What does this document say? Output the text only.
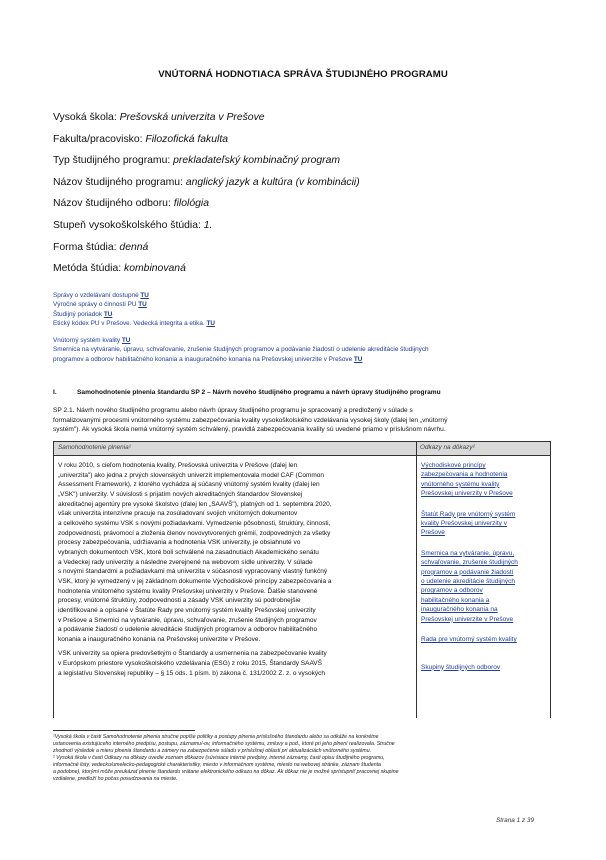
VNÚTORNÁ HODNOTIACA SPRÁVA ŠTUDIJNÉHO PROGRAMU
Vysoká škola: Prešovská univerzita v Prešove
Fakulta/pracovisko: Filozofická fakulta
Typ študijného programu: prekladateľský kombinačný program
Názov študijného programu: anglický jazyk a kultúra (v kombinácii)
Názov študijného odboru: filológia
Stupeň vysokoškolského štúdia: 1.
Forma štúdia: denná
Metóda štúdia: kombinovaná
Správy o vzdelávaní dostupné TU
Výročné správy o činnosti PU TU
Študijný poriadok TU
Etický kódex PU v Prešove. Vedecká integrita a etika. TU
Vnútorný systém kvality TU
Smernica na vytváranie, úpravu, schvaľovanie, zrušenie študijných programov a podávanie žiadostí o udelenie akreditácie študijných
programov a odborov habilitačného konania a inauguračného konania na Prešovskej univerzite v Prešove TU
I.	Samohodnotenie plnenia štandardu SP 2 – Návrh nového študijného programu a návrh úpravy študijného programu
SP 2.1. Návrh nového študijného programu alebo návrh úpravy študijného programu je spracovaný a predložený v súlade s
formalizovanými procesmi vnútorného systému zabezpečovania kvality vysokoškolského vzdelávania vysokej školy (ďalej len „vnútorný
systém"). Ak vysoká škola nemá vnútorný systém schválený, pravidlá zabezpečovania kvality sú uvedené priamo v príslušnom návrhu.
Samohodnotenie plnenia¹	Odkazy na dôkazy²
V roku 2010, s cieľom hodnotenia kvality, Prešovská univerzita v Prešove (ďalej len
„univerzita") ako jedna z prvých slovenských univerzít implementovala model CAF (Common
Assessment Framework), z ktorého vychádza aj súčasný vnútorný systém kvality (ďalej len
„VSK") univerzity. V súvislosti s prijatím nových akreditačných štandardov Slovenskej
akreditačnej agentúry pre vysoké školstvo (ďalej len „SAAVŠ"), platných od 1. septembra 2020,
však univerzita intenzívne pracuje na zosúladovaní svojich vnútorných dokumentov
a celkového systému VSK s novými požiadavkami. Vymedzenie pôsobnosti, štruktúry, činnosti,
zodpovednosti, právomocí a zloženia členov novovytvorených grémií, zodpovedných za všetky
procesy zabezpečovania, udržiavania a hodnotenia VSK univerzity, je obsiahnuté vo
vybraných dokumentoch VSK, ktoré boli schválené na zasadnutiach Akademického senátu
a Vedeckej rady univerzity a následne zverejnené na webovom sídle univerzity. V súlade
s novými štandardmi a požiadavkami má univerzita v súčasnosti vypracovaný vlastný funkčný
VSK, ktorý je vymedzený v jej základnom dokumente Východiskové princípy zabezpečovania a
hodnotenia vnútorného systému kvality Prešovskej univerzity v Prešove. Ďalšie stanovené
procesy, vnútorné štruktúry, zodpovednosti a zásady VSK univerzity sú podrobnejšie
identifikované a opísané v Štatúte Rady pre vnútorný systém kvality Prešovskej univerzity
v Prešove a Smernici na vytváranie, úpravu, schvaľovanie, zrušenie študijných programov
a podávanie žiadostí o udelenie akreditácie študijných programov a odborov habilitačného
konania a inauguračného konania na Prešovskej univerzite v Prešove.
VSK univerzity sa opiera predovšetkým o Štandardy a usmernenia na zabezpečovanie kvality
v Európskom priestore vysokoškolského vzdelávania (ESG) z roku 2015, Štandardy SAAVŠ
a legislatívu Slovenskej republiky – § 15 ods. 1 písm. b) zákona č. 131/2002 Z. z. o vysokých
Východiskové princípy
zabezpečovania a hodnotenia
vnútorného systému kvality
Prešovskej univerzity v Prešove
Štatút Rady pre vnútorný systém
kvality Prešovskej univerzity v
Prešove
Smernica na vytváranie, úpravu,
schvaľovanie, zrušenie študijných
programov a podávanie žiadostí
o udelenie akreditácie študijných
programov a odborov
habilitačného konania a
inauguračného konania na
Prešovskej univerzite v Prešove
Rada pre vnútorný systém kvality
Skupiny študijných odborov
¹Vysoká škola v časti Samohodnotenie plnenia stručne popíše politiky a postupy plnenia príslušného štandardu alebo sa odkáže na konkrétne
ustanovenia existujúceho interného predpisu, postupu, záznamu/-ov, informačného systému, zmluvy a pod., ktoré pri jeho plnení realizovala. Stručne
zhodnotí výsledok a mieru plnenia štandardu a zámery na zabezpečenie súladu v príslušnej oblasti pri aktualizáciách vnútorného systému.
² Vysoká škola v časti Odkazy na dôkazy uvedie zoznam dôkazov (súvisiace interné predpisy, interné záznamy, časti opisu študijného programu,
informačné listy, vedecko/umelecko-pedagogické charakteristiky, miesto v informačnom systéme, miesto na webovej stránke, záznam študenta
a podobne), ktorými môže preukázať plnenie štandardu vrátane elektronického odkazu na dôkaz. Ak dôkaz nie je možné sprístupniť pracovnej skupine
vzdialene, predloží ho počas posudzovania na mieste.
Strana 1 z 39
